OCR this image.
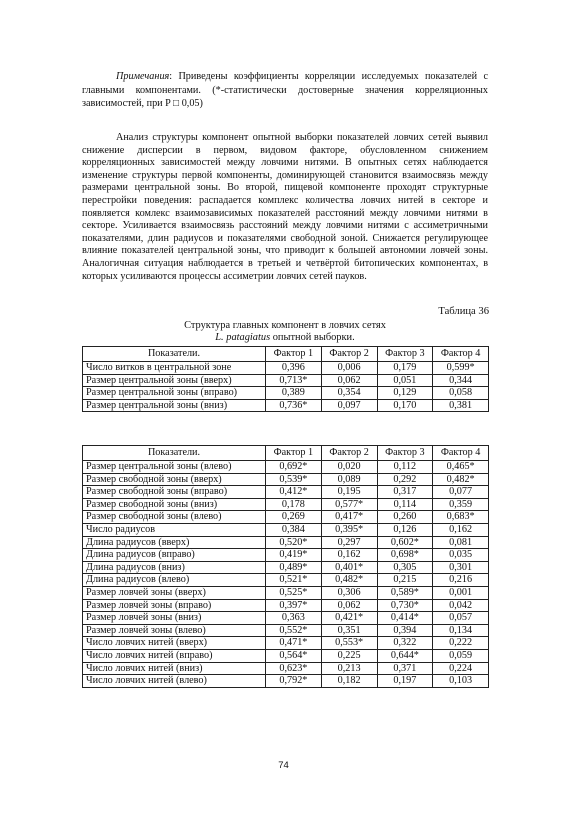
Примечания: Приведены коэффициенты корреляции исследуемых показателей с главными компонентами. (*-статистически достоверные значения корреляционных зависимостей, при P □ 0,05)
Анализ структуры компонент опытной выборки показателей ловчих сетей выявил снижение дисперсии в первом, видовом факторе, обусловленном снижением корреляционных зависимостей между ловчими нитями. В опытных сетях наблюдается изменение структуры первой компоненты, доминирующей становится взаимосвязь между размерами центральной зоны. Во второй, пищевой компоненте проходят структурные перестройки поведения: распадается комплекс количества ловчих нитей в секторе и появляется комлекс взаимозависимых показателей расстояний между ловчими нитями в секторе. Усиливается взаимосвязь расстояний между ловчими нитями с ассиметричными показателями, длин радиусов и показателями свободной зоной. Снижается регулирующее влияние показателей центральной зоны, что приводит к большей автономии ловчей зоны. Аналогичная ситуация наблюдается в третьей и четвёртой битопических компонентах, в которых усиливаются процессы ассиметрии ловчих сетей пауков.
Таблица 36
Структура главных компонент в ловчих сетях
L. patagiatus опытной выборки.
Показатели.	Фактор 1	Фактор 2	Фактор 3	Фактор 4
Число витков в центральной зоне	0,396	0,006	0,179	0,599*
Размер центральной зоны (вверх)	0,713*	0,062	0,051	0,344
Размер центральной зоны (вправо)	0,389	0,354	0,129	0,058
Размер центральной зоны (вниз)	0,736*	0,097	0,170	0,381
Показатели.	Фактор 1	Фактор 2	Фактор 3	Фактор 4
Размер центральной зоны (влево)	0,692*	0,020	0,112	0,465*
Размер свободной зоны (вверх)	0,539*	0,089	0,292	0,482*
Размер свободной зоны (вправо)	0,412*	0,195	0,317	0,077
Размер свободной зоны (вниз)	0,178	0,577*	0,114	0,359
Размер свободной зоны (влево)	0,269	0,417*	0,260	0,683*
Число радиусов	0,384	0,395*	0,126	0,162
Длина радиусов (вверх)	0,520*	0,297	0,602*	0,081
Длина радиусов (вправо)	0,419*	0,162	0,698*	0,035
Длина радиусов (вниз)	0,489*	0,401*	0,305	0,301
Длина радиусов (влево)	0,521*	0,482*	0,215	0,216
Размер ловчей зоны (вверх)	0,525*	0,306	0,589*	0,001
Размер ловчей зоны (вправо)	0,397*	0,062	0,730*	0,042
Размер ловчей зоны (вниз)	0,363	0,421*	0,414*	0,057
Размер ловчей зоны (влево)	0,552*	0,351	0,394	0,134
Число ловчих нитей (вверх)	0,471*	0,553*	0,322	0,222
Число ловчих нитей (вправо)	0,564*	0,225	0,644*	0,059
Число ловчих нитей (вниз)	0,623*	0,213	0,371	0,224
Число ловчих нитей (влево)	0,792*	0,182	0,197	0,103
74
